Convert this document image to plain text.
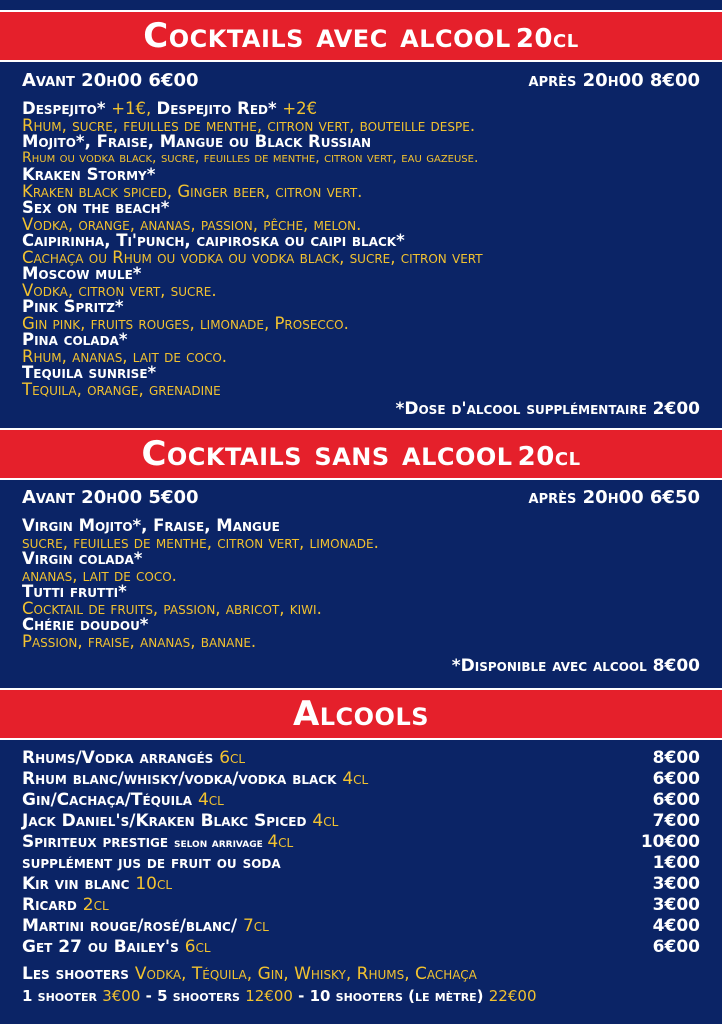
Cocktails avec alcool 20cl
Avant 20h00 6€00	après 20h00 8€00
Despejito* +1€, Despejito Red* +2€
Rhum, sucre, feuilles de menthe, citron vert, bouteille despe.
Mojito*, Fraise, Mangue ou Black Russian
Rhum ou vodka black, sucre, feuilles de menthe, citron vert, eau gazeuse.
Kraken Stormy*
Kraken black spiced, Ginger beer, citron vert.
Sex on the beach*
Vodka, orange, ananas, passion, pêche, melon.
Caipirinha, Ti'punch, caipiroska ou caipi black*
Cachaça ou Rhum ou vodka ou vodka black, sucre, citron vert
Moscow mule*
Vodka, citron vert, sucre.
Pink Spritz*
Gin pink, fruits rouges, limonade, Prosecco.
Pina colada*
Rhum, ananas, lait de coco.
Tequila sunrise*
Tequila, orange, grenadine
*Dose d'alcool supplémentaire 2€00
Cocktails sans alcool 20cl
Avant 20h00 5€00	après 20h00 6€50
Virgin Mojito*, Fraise, Mangue
sucre, feuilles de menthe, citron vert, limonade.
Virgin colada*
ananas, lait de coco.
Tutti frutti*
Cocktail de fruits, passion, abricot, kiwi.
Chérie doudou*
Passion, fraise, ananas, banane.
*Disponible avec alcool 8€00
Alcools
Rhums/Vodka arrangés 6cl	8€00
Rhum blanc/whisky/vodka/vodka black 4cl	6€00
Gin/Cachaça/Téquila 4cl	6€00
Jack Daniel's/Kraken Blakc Spiced 4cl	7€00
Spiriteux prestige selon arrivage 4cl	10€00
supplément jus de fruit ou soda	1€00
Kir vin blanc 10cl	3€00
Ricard 2cl	3€00
Martini rouge/rosé/blanc/ 7cl	4€00
Get 27 ou Bailey's 6cl	6€00
Les shooters Vodka, Téquila, Gin, Whisky, Rhums, Cachaça
1 shooter 3€00 - 5 shooters 12€00 - 10 shooters (le mètre) 22€00
